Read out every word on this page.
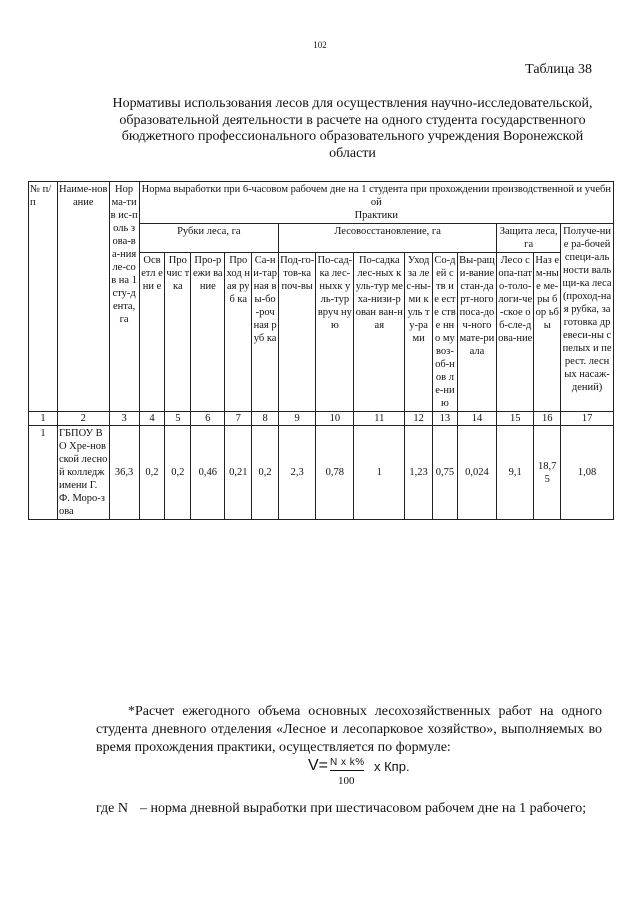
102
Таблица 38
Нормативы использования лесов для осуществления научно-исследовательской, образовательной деятельности в расчете на одного студента государственного бюджетного профессионального образовательного учреждения Воронежской области
№ п/п	Наиме-нование	Нор ма-тив ис-поль зова-ва-ния ле-сов на 1 сту-дента, га	Норма выработки при 6-часовом рабочем дне на 1 студента при прохождении производственной и учебной
Практики													
			Рубки леса, га					Лесовосстановление, га						Защита леса, га		Получе-ние ра-бочей специ-альности вальщи-ка леса (проход-ная рубка, заготовка древеси-ны спелых и перест. лесных насаж-дений)
			Осв етл ени е	Про чис тка	Про-режи вание	Про ход ная руб ка	Са-ни-тар ная вы-бо-роч ная руб ка	Под-го-тов-ка поч-вы	По-сад-ка лес-ныхк уль-тур вруч ную	По-садка лес-ных куль-тур меха-низи-рован ван-ная	Уход за лес-ны-ми куль ту-рами	Со-дей ств ие есте стве нно му воз-об-нов ле-нию	Вы-ращи-вание стан-дарт-ного поса-доч-ного мате-риала	Лесо сопа-пато-толо-логи-че-ское об-сле-дова-ние	Наз ем-ные ме-ры бор ьбы	

1	2	3	4	5	6	7	8	9	10	11	12	13	14	15	16	17
1	ГБПОУ ВО Хре-новской лесной колледж имени Г. Ф. Моро-зова	36,3	0,2	0,2	0,46	0,21	0,2	2,3	0,78	1	1,23	0,75	0,024	9,1	18,7 5	1,08
*Расчет ежегодного объема основных лесохозяйственных работ на одного студента дневного отделения «Лесное и лесопарковое хозяйство», выполняемых во время прохождения практики, осуществляется по формуле:
V= N x k%
100
x Кпр.
где N – норма дневной выработки при шестичасовом рабочем дне на 1 рабочего;
